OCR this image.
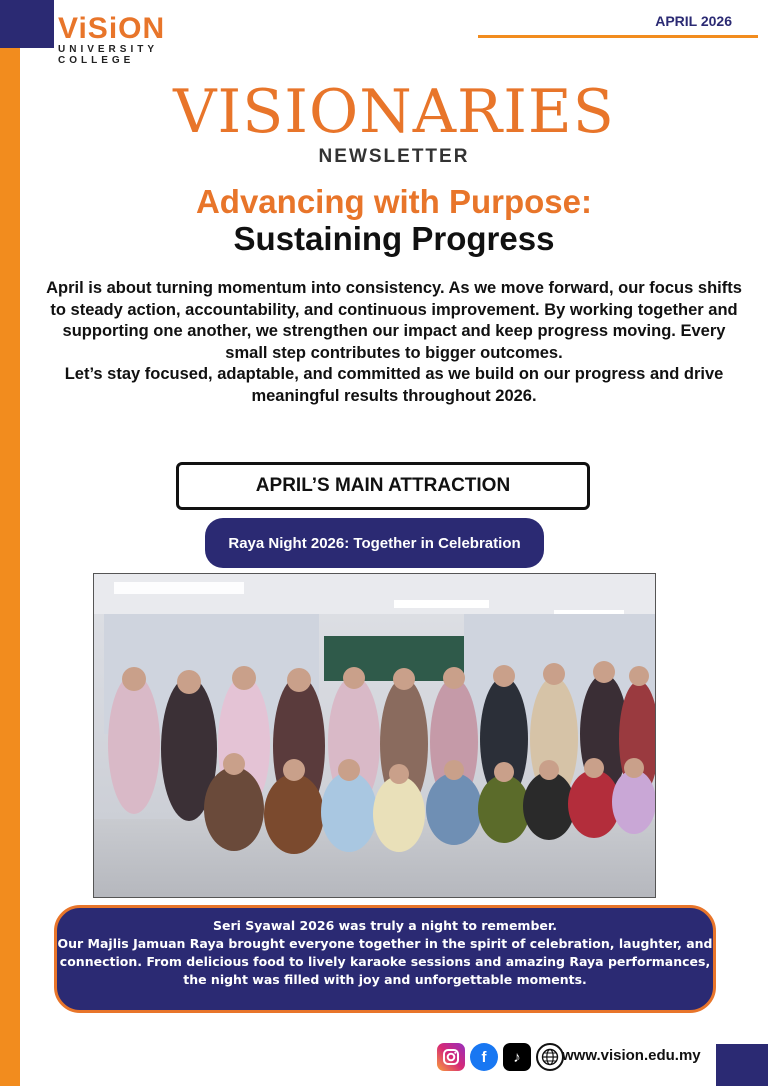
ViSiON
UNIVERSITY
COLLEGE
APRIL 2026
VISIONARIES
NEWSLETTER
Advancing with Purpose:
Sustaining Progress
April is about turning momentum into consistency. As we move forward, our focus shifts to steady action, accountability, and continuous improvement. By working together and supporting one another, we strengthen our impact and keep progress moving. Every small step contributes to bigger outcomes.
Let’s stay focused, adaptable, and committed as we build on our progress and drive meaningful results throughout 2026.
APRIL’S MAIN ATTRACTION
Raya Night 2026: Together in Celebration
Seri Syawal 2026 was truly a night to remember.
Our Majlis Jamuan Raya brought everyone together in the spirit of celebration, laughter, and connection. From delicious food to lively karaoke sessions and amazing Raya performances, the night was filled with joy and unforgettable moments.
f	♪	www.vision.edu.my
